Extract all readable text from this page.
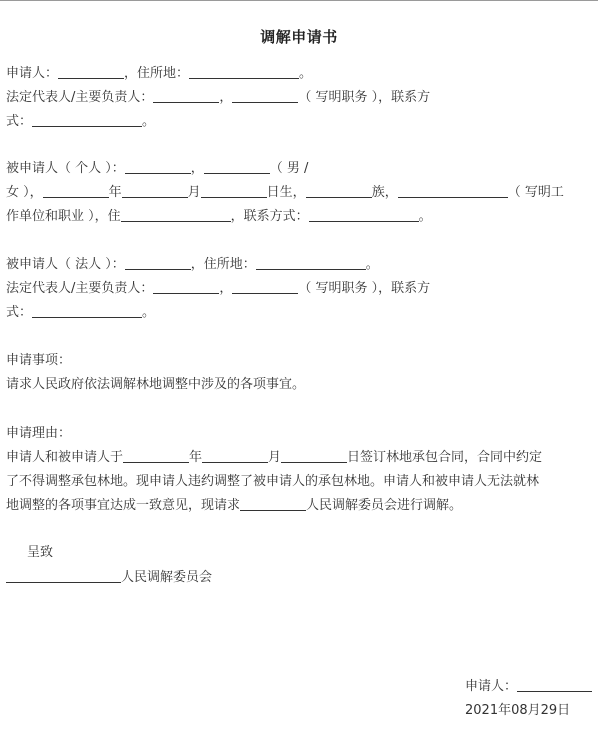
调解申请书
申请人：	，住所地：	。
法定代表人/主要负责人：	，	（ 写明职务 ），联系方
式：	。
被申请人（ 个人 ）：	，	（ 男 /
女 ），	年	月	日生，	族，	（ 写明工
作单位和职业 ），住	，联系方式：	。
被申请人（ 法人 ）：	，住所地：	。
法定代表人/主要负责人：	，	（ 写明职务 ），联系方
式：	。
申请事项：
请求人民政府依法调解林地调整中涉及的各项事宜。
申请理由：
申请人和被申请人于	年	月	日签订林地承包合同，合同中约定
了不得调整承包林地。现申请人违约调整了被申请人的承包林地。申请人和被申请人无法就林
地调整的各项事宜达成一致意见，现请求	人民调解委员会进行调解。
呈致
人民调解委员会
申请人：
2021年08月29日
